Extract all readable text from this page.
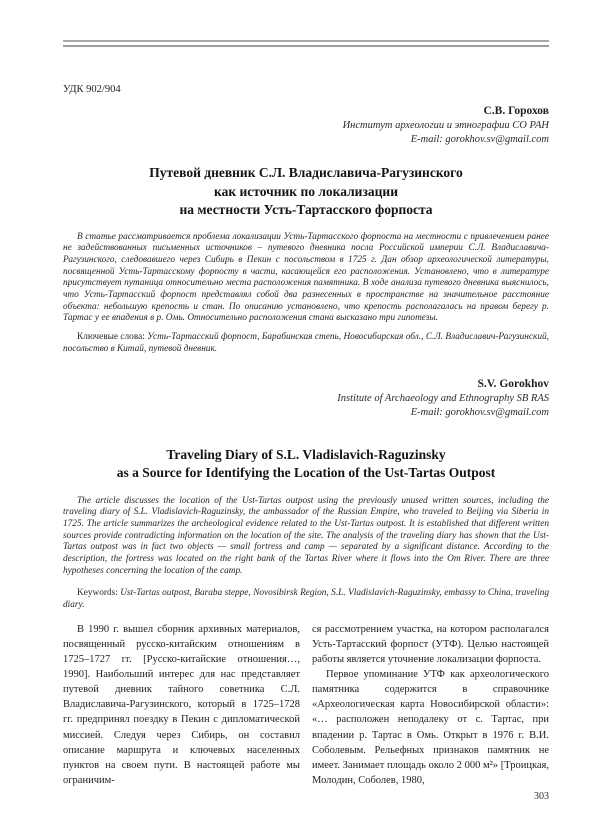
УДК 902/904
С.В. Горохов
Институт археологии и этнографии СО РАН
E-mail: gorokhov.sv@gmail.com
Путевой дневник С.Л. Владиславича-Рагузинского
как источник по локализации
на местности Усть-Тартасского форпоста
В статье рассматривается проблема локализации Усть-Тартасского форпоста на местности с привлечением ранее не задействованных письменных источников – путевого дневника посла Российской империи С.Л. Владиславича-Рагузинского, следовавшего через Сибирь в Пекин с посольством в 1725 г. Дан обзор археологической литературы, посвященной Усть-Тартасскому форпосту в части, касающейся его расположения. Установлено, что в литературе присутствует путаница относительно места расположения памятника. В ходе анализа путевого дневника выяснилось, что Усть-Тартасский форпост представлял собой два разнесенных в пространстве на значительное расстояние объекта: небольшую крепость и стан. По описанию установлено, что крепость располагалась на правом берегу р. Тартас у ее впадения в р. Омь. Относительно расположения стана высказано три гипотезы.

Ключевые слова: Усть-Тартасский форпост, Барабинская степь, Новосибирская обл., С.Л. Владиславич-Рагузинский, посольство в Китай, путевой дневник.

S.V. Gorokhov
Institute of Archaeology and Ethnography SB RAS
E-mail: gorokhov.sv@gmail.com
Traveling Diary of S.L. Vladislavich-Raguzinsky
as a Source for Identifying the Location of the Ust-Tartas Outpost
The article discusses the location of the Ust-Tartas outpost using the previously unused written sources, including the traveling diary of S.L. Vladislavich-Raguzinsky, the ambassador of the Russian Empire, who traveled to Beijing via Siberia in 1725. The article summarizes the archeological evidence related to the Ust-Tartas outpost. It is established that different written sources provide contradicting information on the location of the site. The analysis of the traveling diary has shown that the Ust-Tartas outpost was in fact two objects — small fortress and camp — separated by a significant distance. According to the description, the fortress was located on the right bank of the Tartas River where it flows into the Om River. There are three hypotheses concerning the location of the camp.

Keywords: Ust-Tartas outpost, Baraba steppe, Novosibirsk Region, S.L. Vladislavich-Raguzinsky, embassy to China, traveling diary.

В 1990 г. вышел сборник архивных материалов, посвященный русско-китайским отношениям в 1725–1727 гг. [Русско-китайские отношения…, 1990]. Наибольший интерес для нас представляет путевой дневник тайного советника С.Л. Владиславича-Рагузинского, который в 1725–1728 гг. предпринял поездку в Пекин с дипломатической миссией. Следуя через Сибирь, он составил описание маршрута и ключевых населенных пунктов на своем пути. В настоящей работе мы ограничим-

ся рассмотрением участка, на котором располагался Усть-Тартасский форпост (УТФ). Целью настоящей работы является уточнение локализации форпоста.

Первое упоминание УТФ как археологического памятника содержится в справочнике «Археологическая карта Новосибирской области»: «… расположен неподалеку от с. Тартас, при впадении р. Тартас в Омь. Открыт в 1976 г. В.И. Соболевым. Рельефных признаков памятник не имеет. Занимает площадь около 2 000 м²» [Троицкая, Молодин, Соболев, 1980,

303
